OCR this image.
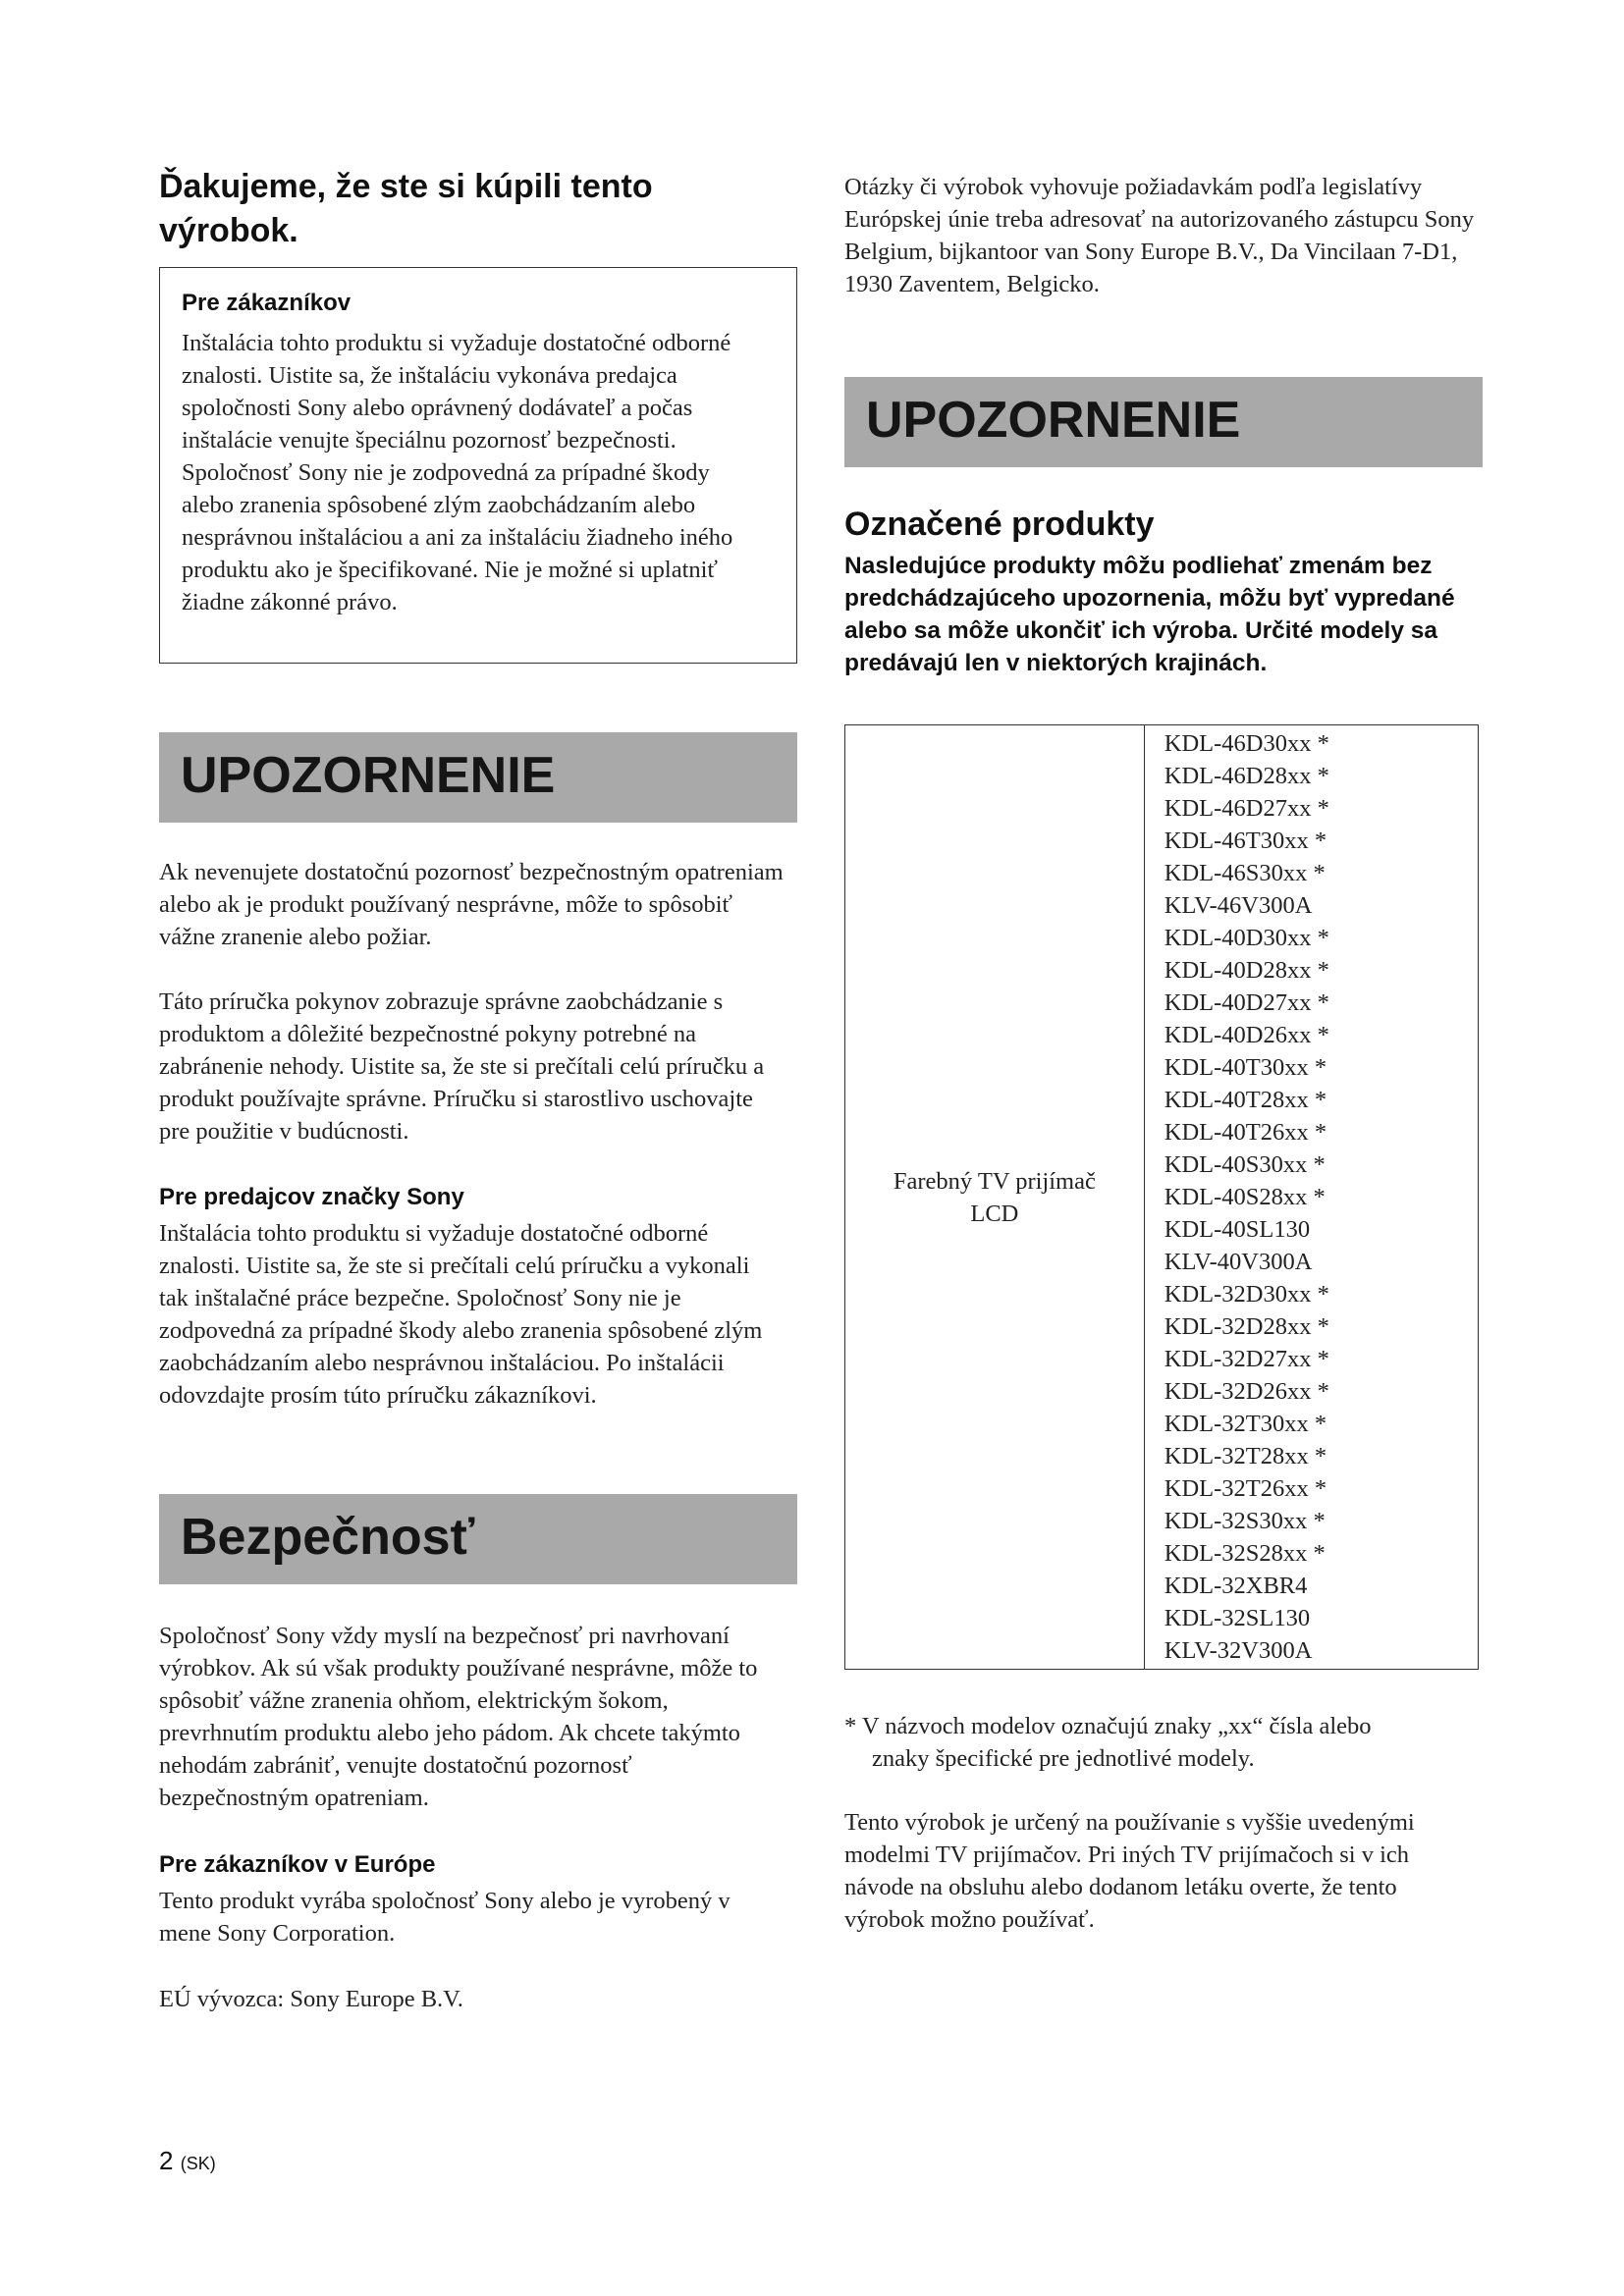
Ďakujeme, že ste si kúpili tento
výrobok.

Pre zákazníkov

Inštalácia tohto produktu si vyžaduje dostatočné odborné znalosti. Uistite sa, že inštaláciu vykonáva predajca spoločnosti Sony alebo oprávnený dodávateľ a počas inštalácie venujte špeciálnu pozornosť bezpečnosti. Spoločnosť Sony nie je zodpovedná za prípadné škody alebo zranenia spôsobené zlým zaobchádzaním alebo nesprávnou inštaláciou a ani za inštaláciu žiadneho iného produktu ako je špecifikované. Nie je možné si uplatniť žiadne zákonné právo.

UPOZORNENIE

Ak nevenujete dostatočnú pozornosť bezpečnostným opatreniam alebo ak je produkt používaný nesprávne, môže to spôsobiť vážne zranenie alebo požiar.

Táto príručka pokynov zobrazuje správne zaobchádzanie s produktom a dôležité bezpečnostné pokyny potrebné na zabránenie nehody. Uistite sa, že ste si prečítali celú príručku a produkt používajte správne. Príručku si starostlivo uschovajte pre použitie v budúcnosti.

Pre predajcov značky Sony

Inštalácia tohto produktu si vyžaduje dostatočné odborné znalosti. Uistite sa, že ste si prečítali celú príručku a vykonali tak inštalačné práce bezpečne. Spoločnosť Sony nie je zodpovedná za prípadné škody alebo zranenia spôsobené zlým zaobchádzaním alebo nesprávnou inštaláciou. Po inštalácii odovzdajte prosím túto príručku zákazníkovi.

Bezpečnosť

Spoločnosť Sony vždy myslí na bezpečnosť pri navrhovaní výrobkov. Ak sú však produkty používané nesprávne, môže to spôsobiť vážne zranenia ohňom, elektrickým šokom, prevrhnutím produktu alebo jeho pádom. Ak chcete takýmto nehodám zabrániť, venujte dostatočnú pozornosť bezpečnostným opatreniam.

Pre zákazníkov v Európe

Tento produkt vyrába spoločnosť Sony alebo je vyrobený v mene Sony Corporation.

EÚ vývozca: Sony Europe B.V.

Otázky či výrobok vyhovuje požiadavkám podľa legislatívy Európskej únie treba adresovať na autorizovaného zástupcu Sony Belgium, bijkantoor van Sony Europe B.V., Da Vincilaan 7-D1, 1930 Zaventem, Belgicko.

UPOZORNENIE
Označené produkty

Nasledujúce produkty môžu podliehať zmenám bez predchádzajúceho upozornenia, môžu byť vypredané alebo sa môže ukončiť ich výroba. Určité modely sa predávajú len v niektorých krajinách.

Farebný TV prijímač
LCD

KDL-46D30xx *
KDL-46D28xx *
KDL-46D27xx *
KDL-46T30xx *
KDL-46S30xx *
KLV-46V300A
KDL-40D30xx *
KDL-40D28xx *
KDL-40D27xx *
KDL-40D26xx *
KDL-40T30xx *
KDL-40T28xx *
KDL-40T26xx *
KDL-40S30xx *
KDL-40S28xx *
KDL-40SL130
KLV-40V300A
KDL-32D30xx *
KDL-32D28xx *
KDL-32D27xx *
KDL-32D26xx *
KDL-32T30xx *
KDL-32T28xx *
KDL-32T26xx *
KDL-32S30xx *
KDL-32S28xx *
KDL-32XBR4
KDL-32SL130
KLV-32V300A

* V názvoch modelov označujú znaky „xx“ čísla alebo
znaky špecifické pre jednotlivé modely.

Tento výrobok je určený na používanie s vyššie uvedenými modelmi TV prijímačov. Pri iných TV prijímačoch si v ich návode na obsluhu alebo dodanom letáku overte, že tento výrobok možno používať.

2 (SK)
